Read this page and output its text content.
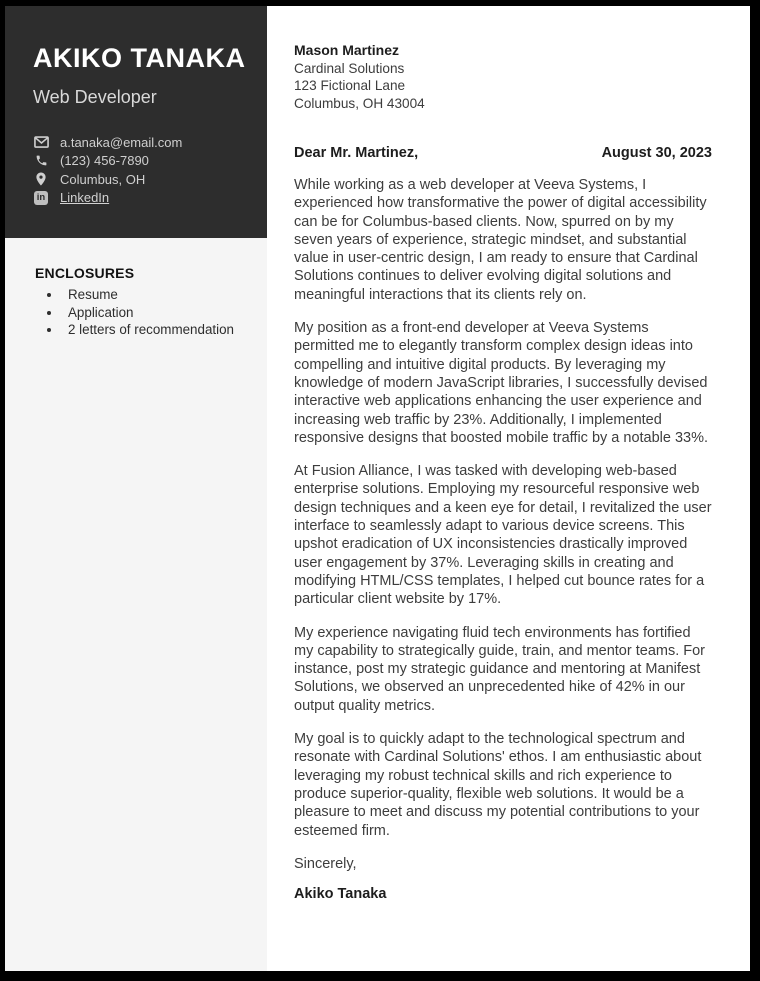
AKIKO TANAKA
Web Developer
a.tanaka@email.com
(123) 456-7890
Columbus, OH
in LinkedIn
ENCLOSURES
• Resume
• Application
• 2 letters of recommendation
Mason Martinez
Cardinal Solutions
123 Fictional Lane
Columbus, OH 43004
Dear Mr. Martinez,	August 30, 2023

While working as a web developer at Veeva Systems, I experienced how transformative the power of digital accessibility can be for Columbus-based clients. Now, spurred on by my seven years of experience, strategic mindset, and substantial value in user-centric design, I am ready to ensure that Cardinal Solutions continues to deliver evolving digital solutions and meaningful interactions that its clients rely on.

My position as a front-end developer at Veeva Systems permitted me to elegantly transform complex design ideas into compelling and intuitive digital products. By leveraging my knowledge of modern JavaScript libraries, I successfully devised interactive web applications enhancing the user experience and increasing web traffic by 23%. Additionally, I implemented responsive designs that boosted mobile traffic by a notable 33%.

At Fusion Alliance, I was tasked with developing web-based enterprise solutions. Employing my resourceful responsive web design techniques and a keen eye for detail, I revitalized the user interface to seamlessly adapt to various device screens. This upshot eradication of UX inconsistencies drastically improved user engagement by 37%. Leveraging skills in creating and modifying HTML/CSS templates, I helped cut bounce rates for a particular client website by 17%.

My experience navigating fluid tech environments has fortified my capability to strategically guide, train, and mentor teams. For instance, post my strategic guidance and mentoring at Manifest Solutions, we observed an unprecedented hike of 42% in our output quality metrics.

My goal is to quickly adapt to the technological spectrum and resonate with Cardinal Solutions' ethos. I am enthusiastic about leveraging my robust technical skills and rich experience to produce superior-quality, flexible web solutions. It would be a pleasure to meet and discuss my potential contributions to your esteemed firm.

Sincerely,
Akiko Tanaka
